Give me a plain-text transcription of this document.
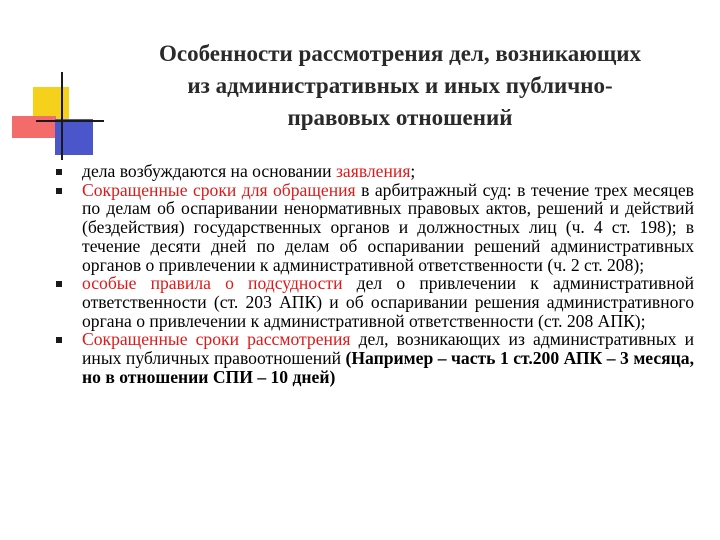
Особенности рассмотрения дел, возникающих
из административных и иных публично-
правовых отношений
дела возбуждаются на основании заявления;
Сокращенные сроки для обращения в арбитражный суд: в течение трех месяцев по делам об оспаривании ненормативных правовых актов, решений и действий (бездействия) государственных органов и должностных лиц (ч. 4 ст. 198); в течение десяти дней по делам об оспаривании решений административных органов о привлечении к административной ответственности (ч. 2 ст. 208);
особые правила о подсудности дел о привлечении к административной ответственности (ст. 203 АПК) и об оспаривании решения административного органа о привлечении к административной ответственности (ст. 208 АПК);
Сокращенные сроки рассмотрения дел, возникающих из административных и иных публичных правоотношений (Например – часть 1 ст.200 АПК – 3 месяца, но в отношении СПИ – 10 дней)
